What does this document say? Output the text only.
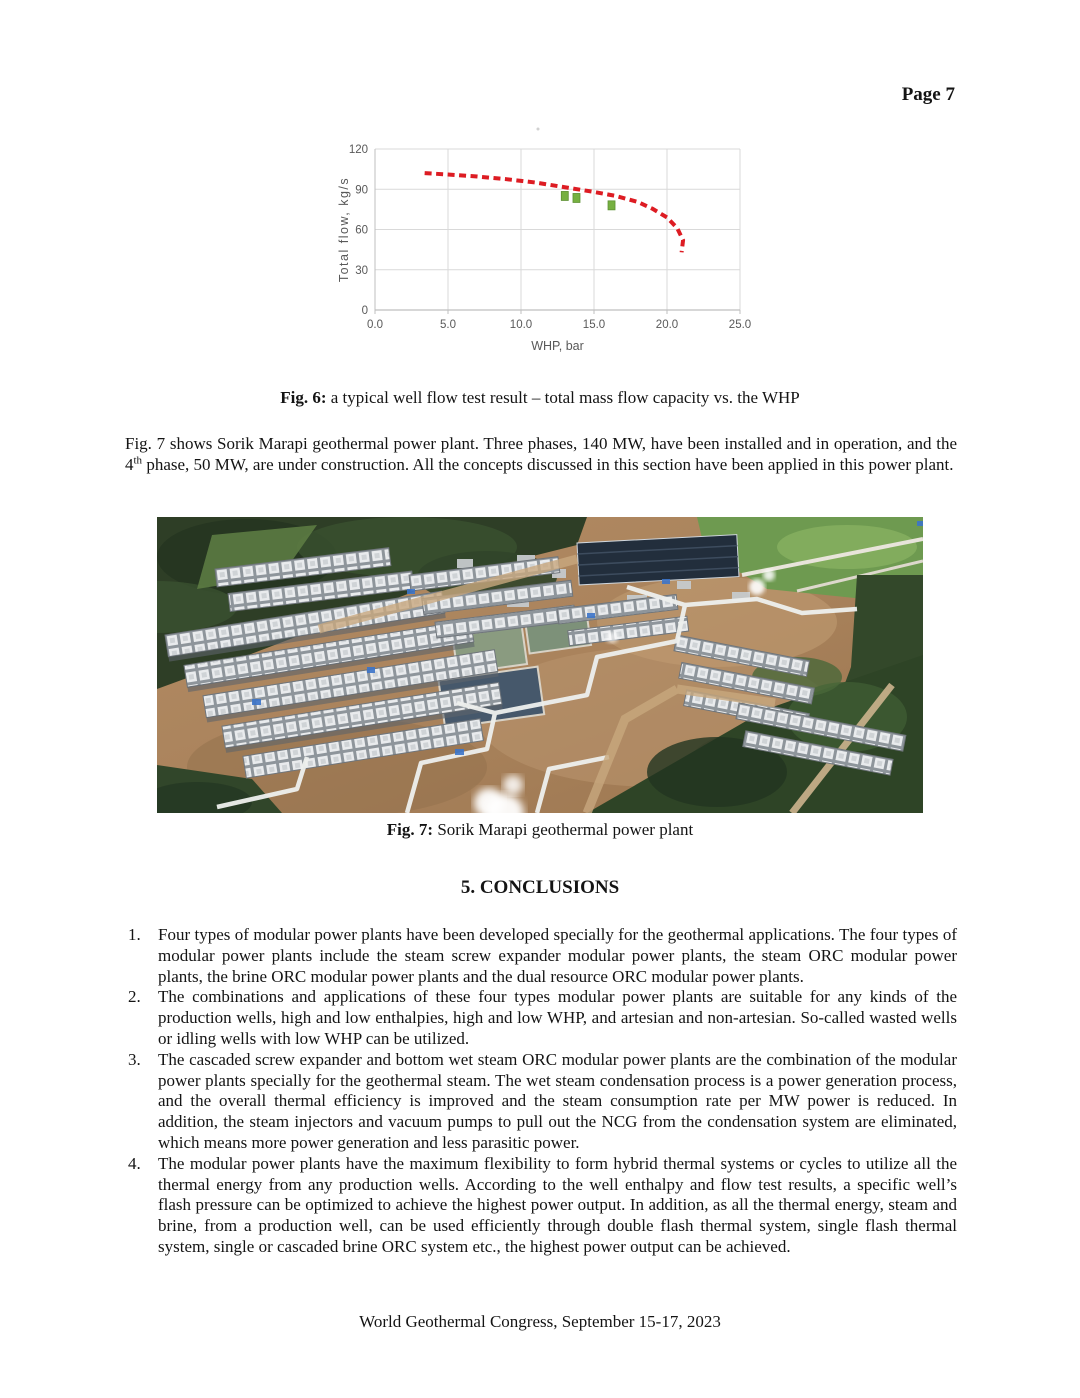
Page 7
0.0	5.0	10.0	15.0	20.0	25.0
0
30
60
90
120
WHP, bar
Total flow, kg/s
Fig. 6: a typical well flow test result – total mass flow capacity vs. the WHP
Fig. 7 shows Sorik Marapi geothermal power plant. Three phases, 140 MW, have been installed and in operation, and the 4th phase, 50 MW, are under construction. All the concepts discussed in this section have been applied in this power plant.
Fig. 7: Sorik Marapi geothermal power plant
5. CONCLUSIONS
1. Four types of modular power plants have been developed specially for the geothermal applications. The four types of modular power plants include the steam screw expander modular power plants, the steam ORC modular power plants, the brine ORC modular power plants and the dual resource ORC modular power plants.
2. The combinations and applications of these four types modular power plants are suitable for any kinds of the production wells, high and low enthalpies, high and low WHP, and artesian and non-artesian. So-called wasted wells or idling wells with low WHP can be utilized.
3. The cascaded screw expander and bottom wet steam ORC modular power plants are the combination of the modular power plants specially for the geothermal steam. The wet steam condensation process is a power generation process, and the overall thermal efficiency is improved and the steam consumption rate per MW power is reduced. In addition, the steam injectors and vacuum pumps to pull out the NCG from the condensation system are eliminated, which means more power generation and less parasitic power.
4. The modular power plants have the maximum flexibility to form hybrid thermal systems or cycles to utilize all the thermal energy from any production wells. According to the well enthalpy and flow test results, a specific well’s flash pressure can be optimized to achieve the highest power output. In addition, as all the thermal energy, steam and brine, from a production well, can be used efficiently through double flash thermal system, single flash thermal system, single or cascaded brine ORC system etc., the highest power output can be achieved.
World Geothermal Congress, September 15-17, 2023
